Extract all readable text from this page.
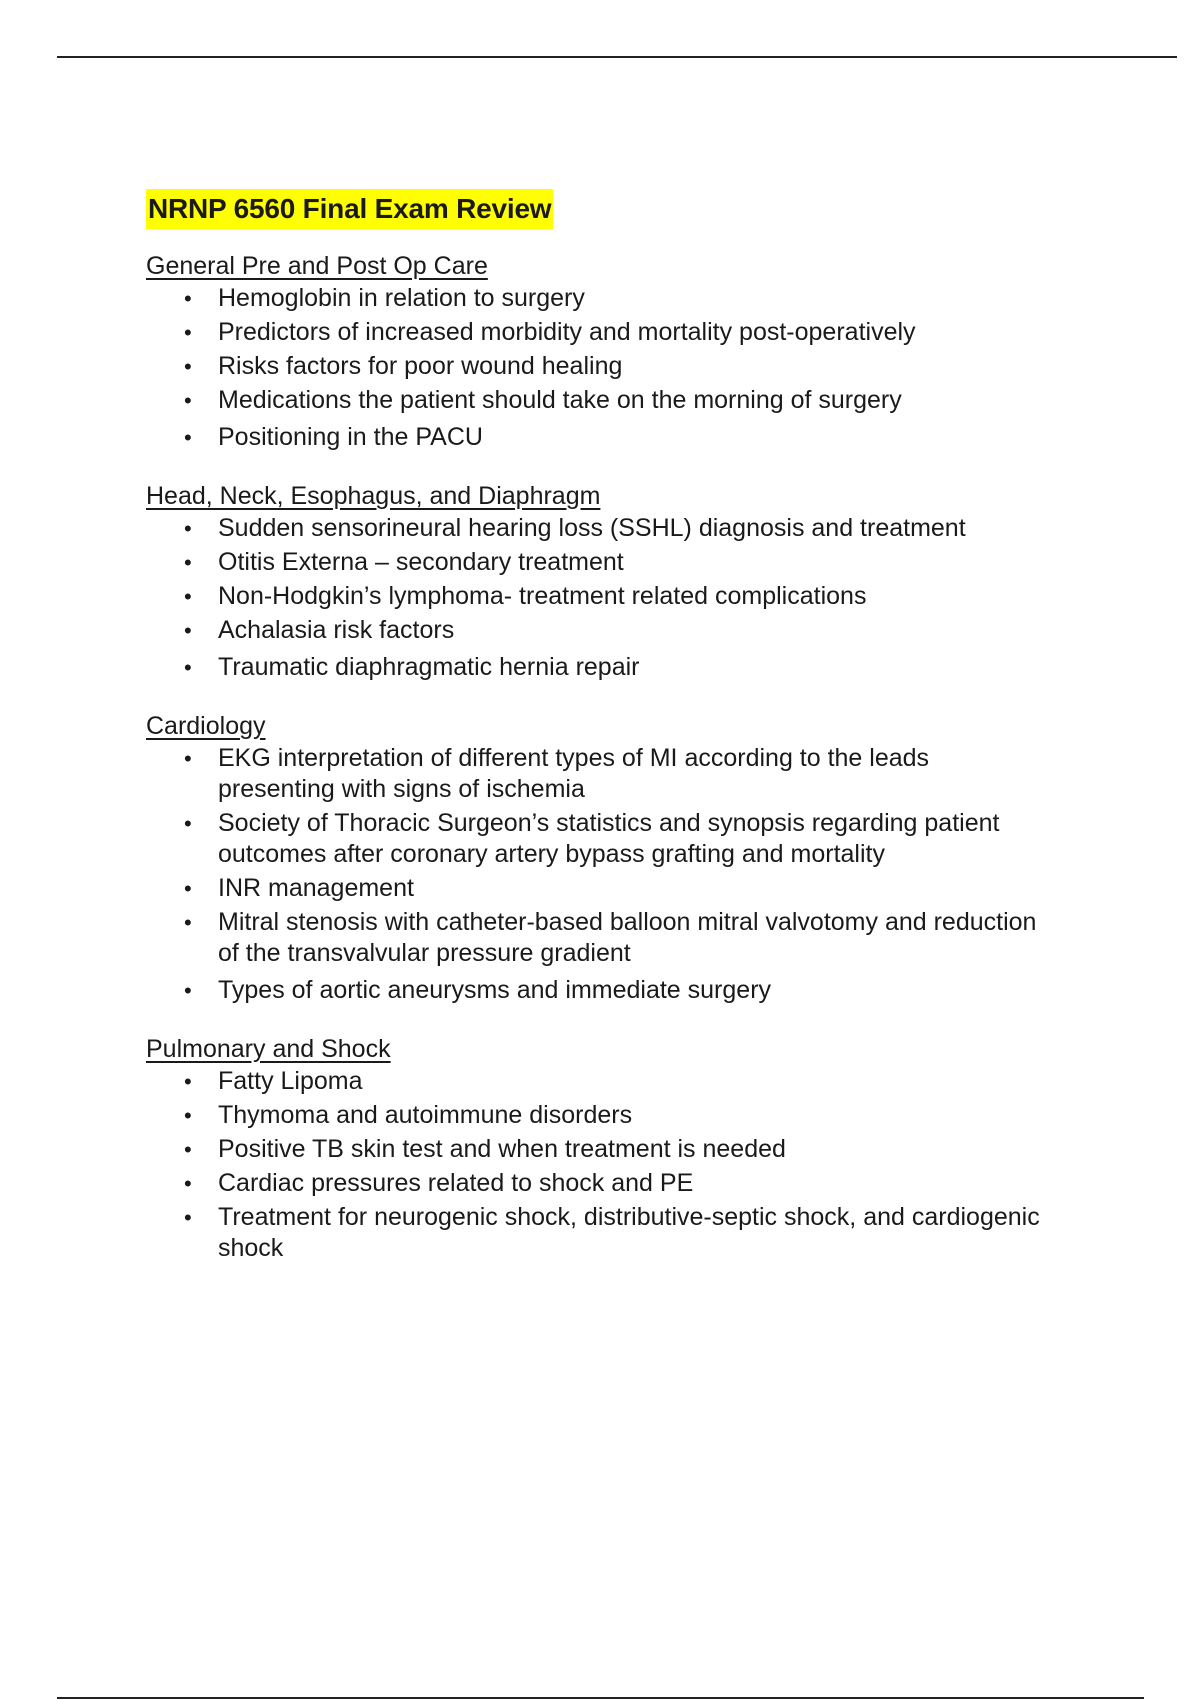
NRNP 6560 Final Exam Review
General Pre and Post Op Care
• Hemoglobin in relation to surgery
• Predictors of increased morbidity and mortality post-operatively
• Risks factors for poor wound healing
• Medications the patient should take on the morning of surgery
• Positioning in the PACU
Head, Neck, Esophagus, and Diaphragm
• Sudden sensorineural hearing loss (SSHL) diagnosis and treatment
• Otitis Externa – secondary treatment
• Non-Hodgkin’s lymphoma- treatment related complications
• Achalasia risk factors
• Traumatic diaphragmatic hernia repair
Cardiology
• EKG interpretation of different types of MI according to the leads presenting with signs of ischemia
• Society of Thoracic Surgeon’s statistics and synopsis regarding patient outcomes after coronary artery bypass grafting and mortality
• INR management
• Mitral stenosis with catheter-based balloon mitral valvotomy and reduction of the transvalvular pressure gradient
• Types of aortic aneurysms and immediate surgery
Pulmonary and Shock
• Fatty Lipoma
• Thymoma and autoimmune disorders
• Positive TB skin test and when treatment is needed
• Cardiac pressures related to shock and PE
• Treatment for neurogenic shock, distributive-septic shock, and cardiogenic shock
